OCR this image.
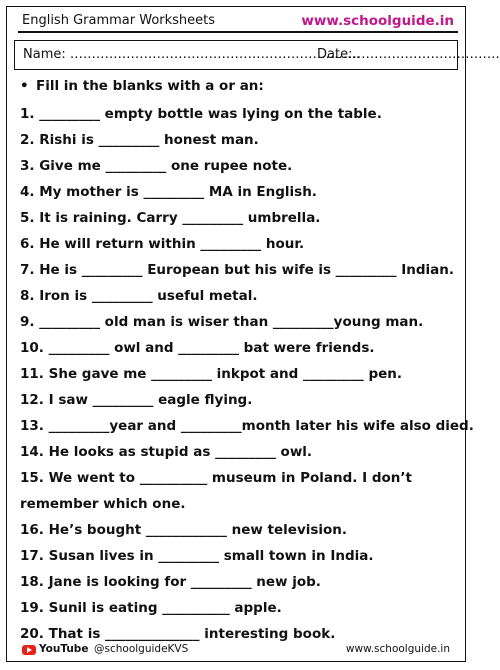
English Grammar Worksheets	www.schoolguide.in
Name: ………………………………………………………….
Date:…………………………….
• Fill in the blanks with a or an:
1. _________ empty bottle was lying on the table.
2. Rishi is _________ honest man.
3. Give me _________ one rupee note.
4. My mother is _________ MA in English.
5. It is raining. Carry _________ umbrella.
6. He will return within _________ hour.
7. He is _________ European but his wife is _________ Indian.
8. Iron is _________ useful metal.
9. _________ old man is wiser than _________young man.
10. _________ owl and _________ bat were friends.
11. She gave me _________ inkpot and _________ pen.
12. I saw _________ eagle flying.
13. _________year and _________month later his wife also died.
14. He looks as stupid as _________ owl.
15. We went to __________ museum in Poland. I don’t
remember which one.
16. He’s bought ____________ new television.
17. Susan lives in _________ small town in India.
18. Jane is looking for _________ new job.
19. Sunil is eating __________ apple.
20. That is ______________ interesting book.
YouTube @schoolguideKVS	www.schoolguide.in
